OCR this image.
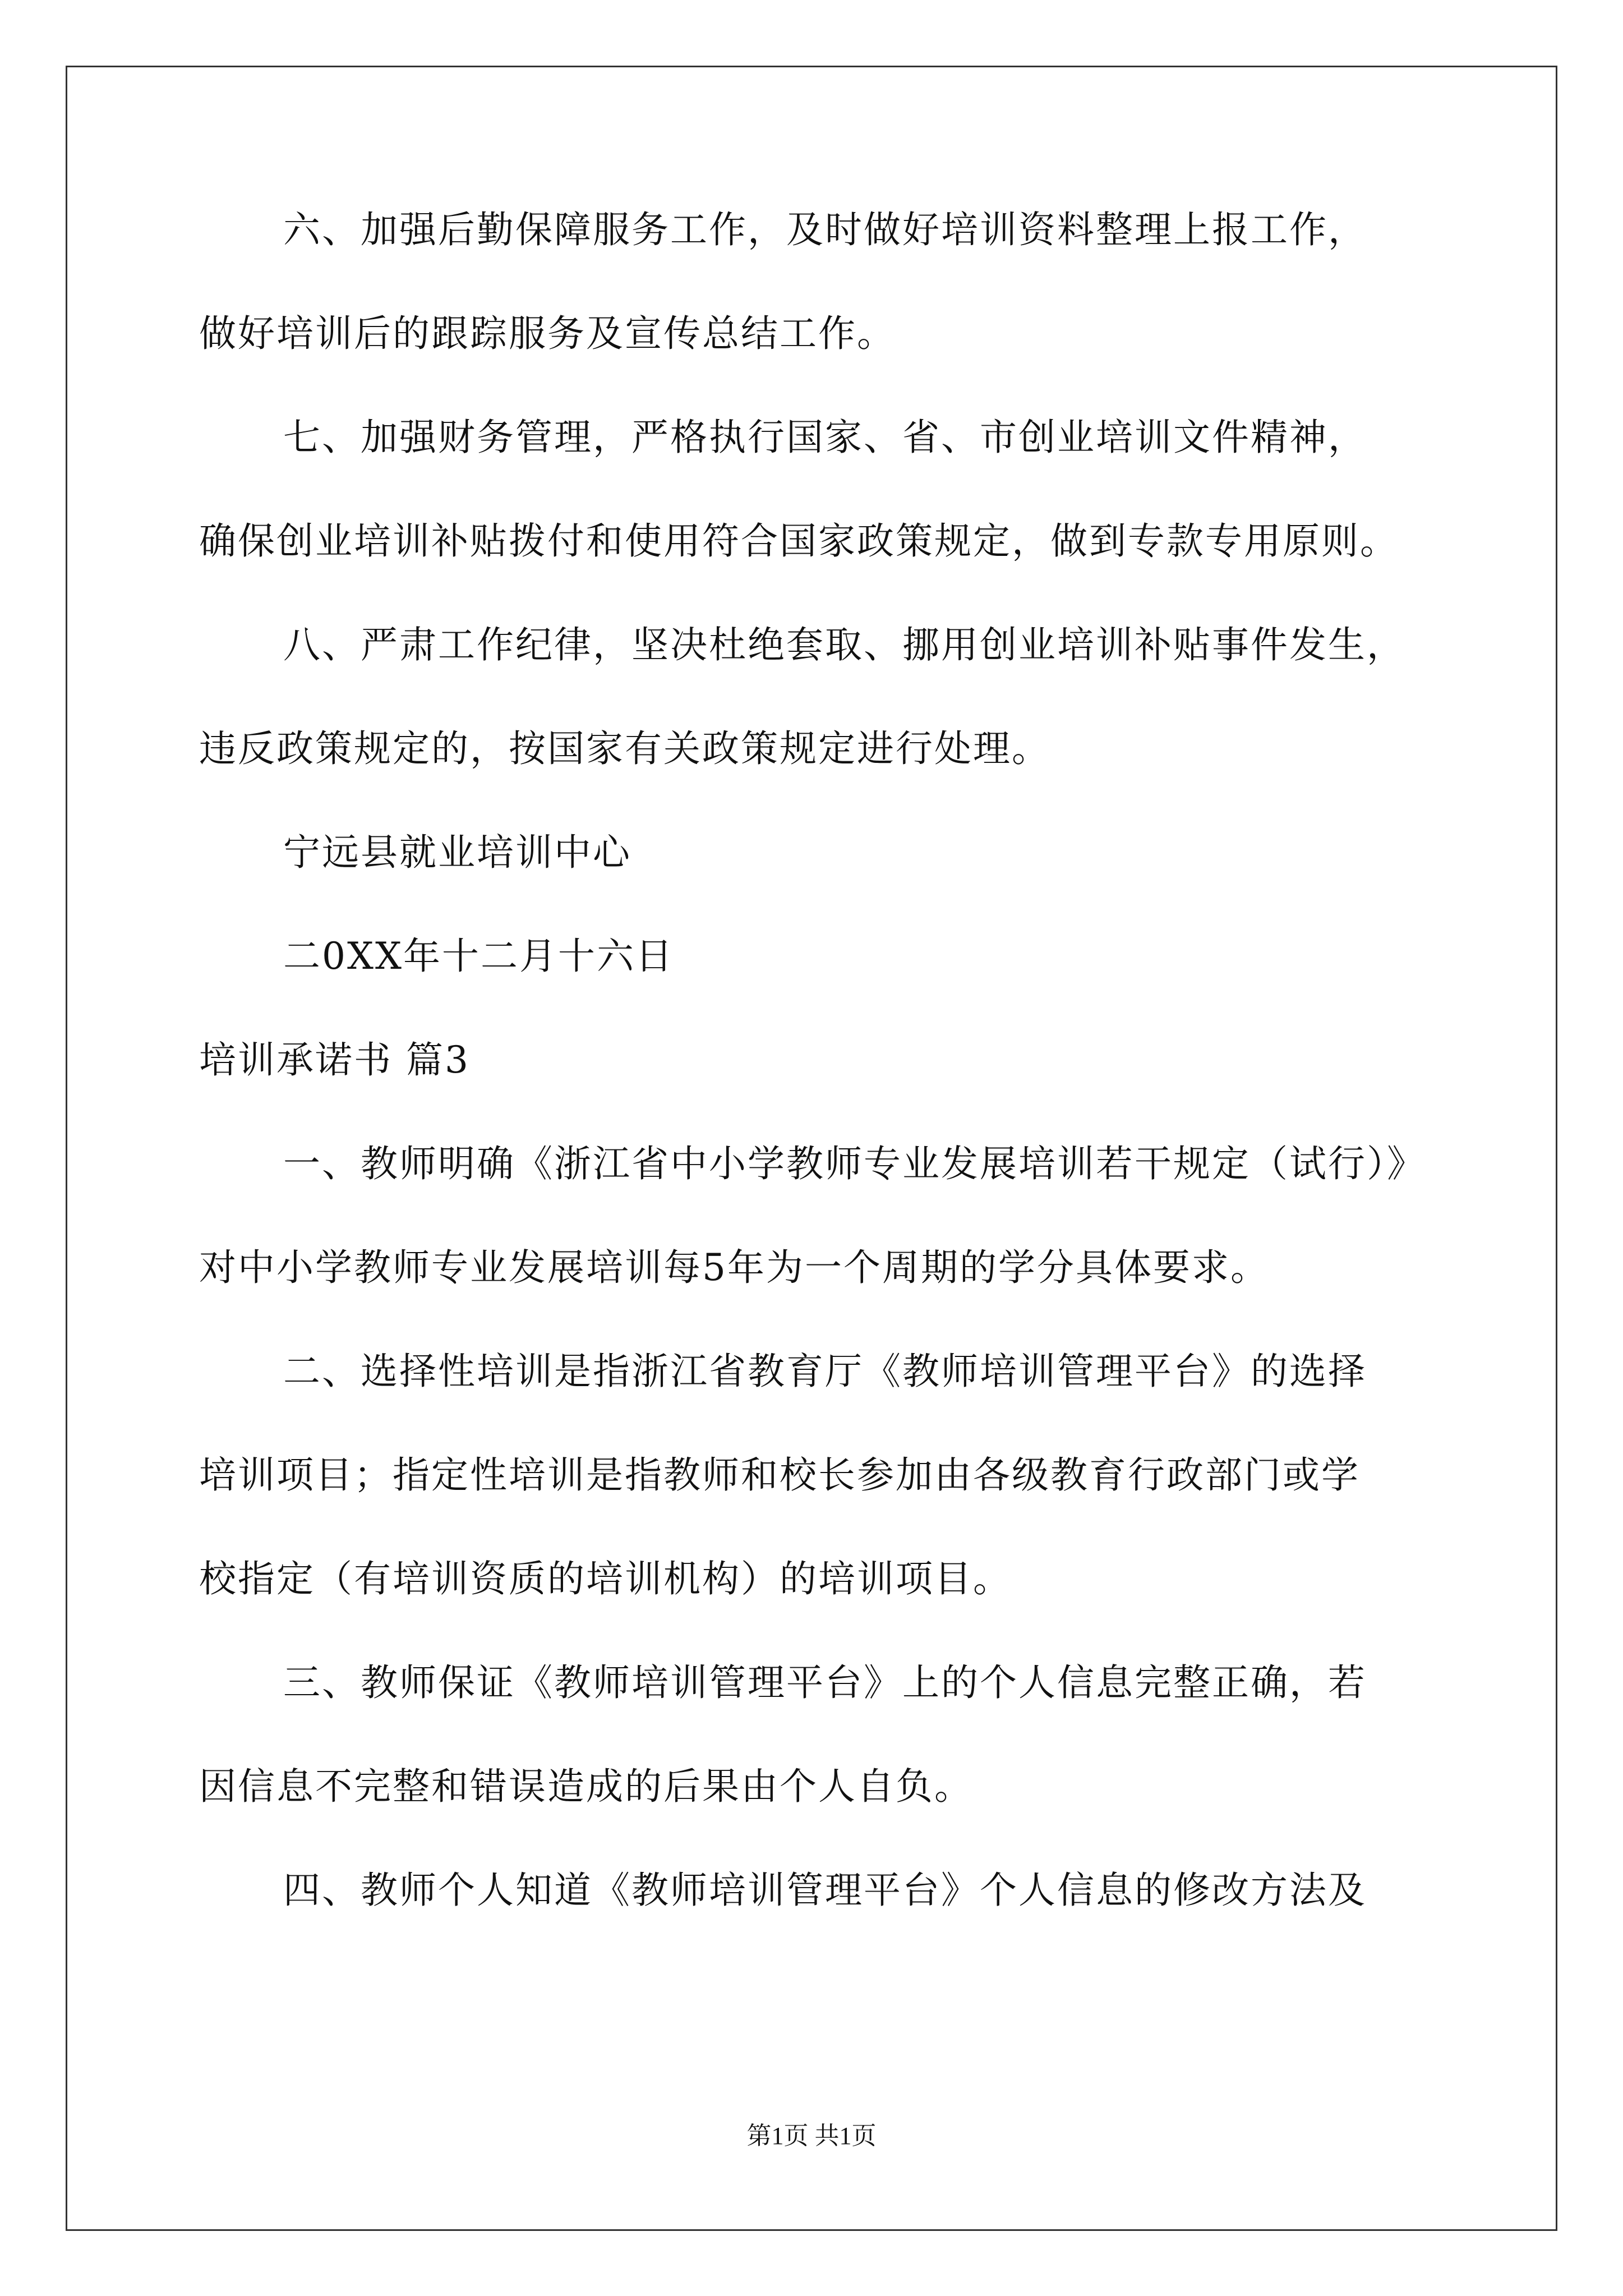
六、加强后勤保障服务工作，及时做好培训资料整理上报工作，
做好培训后的跟踪服务及宣传总结工作。
七、加强财务管理，严格执行国家、省、市创业培训文件精神，
确保创业培训补贴拨付和使用符合国家政策规定，做到专款专用原则。
八、严肃工作纪律，坚决杜绝套取、挪用创业培训补贴事件发生，
违反政策规定的，按国家有关政策规定进行处理。
宁远县就业培训中心
二0XX年十二月十六日
培训承诺书 篇3
一、教师明确《浙江省中小学教师专业发展培训若干规定（试行）》
对中小学教师专业发展培训每5年为一个周期的学分具体要求。
二、选择性培训是指浙江省教育厅《教师培训管理平台》的选择
培训项目；指定性培训是指教师和校长参加由各级教育行政部门或学
校指定（有培训资质的培训机构）的培训项目。
三、教师保证《教师培训管理平台》上的个人信息完整正确，若
因信息不完整和错误造成的后果由个人自负。
四、教师个人知道《教师培训管理平台》个人信息的修改方法及
第1页 共1页
